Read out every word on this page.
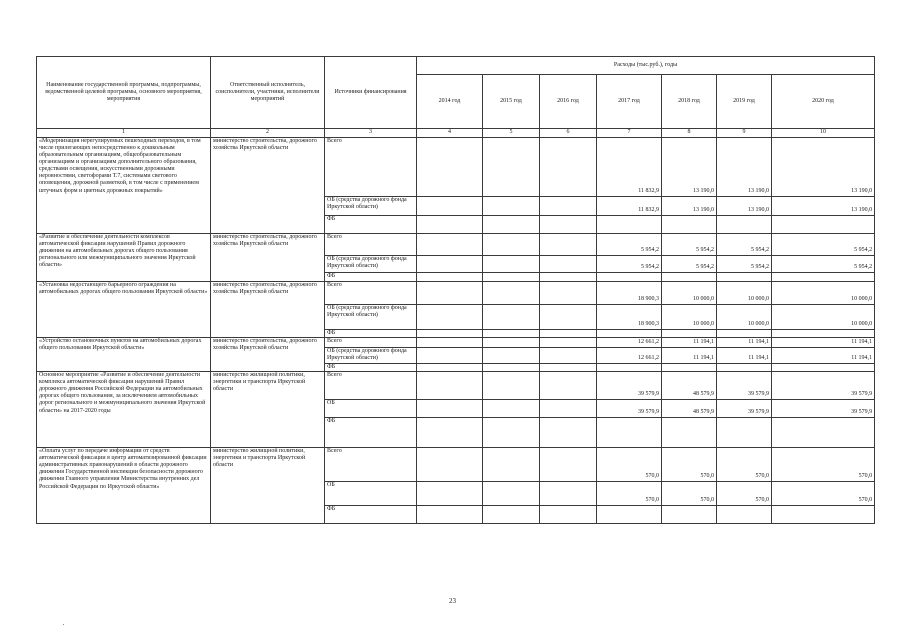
Наименование государственной программы, подпрограммы, ведомственной целевой программы, основного мероприятия, мероприятия	Ответственный исполнитель, соисполнители, участники, исполнители мероприятий	Источники финансирования	Расходы (тыс.руб.), годы						
			2014 год	2015 год	2016 год	2017 год	2018 год	2019 год	2020 год
1	2	3	4	5	6	7	8	9	10
«Модернизация нерегулируемых пешеходных переходов, в том числе прилегающих непосредственно к дошкольным образовательным организациям, общеобразовательным организациям и организациям дополнительного образования, средствами освещения, искусственными дорожными неровностями, светофорами Т.7, системами светового оповещения, дорожной разметкой, в том числе с применением штучных форм и цветных дорожных покрытий»	министерство строительства, дорожного хозяйства Иркутской области	Всего				11 832,9	13 190,0	13 190,0	13 190,0
		ОБ (средства дорожного фонда Иркутской области)				11 832,9	13 190,0	13 190,0	13 190,0
		ФБ							
«Развитие и обеспечение деятельности комплексов автоматической фиксации нарушений Правил дорожного движения на автомобильных дорогах общего пользования регионального или межмуниципального значения Иркутской области»	министерство строительства, дорожного хозяйства Иркутской области	Всего				5 954,2	5 954,2	5 954,2	5 954,2
		ОБ (средства дорожного фонда Иркутской области)				5 954,2	5 954,2	5 954,2	5 954,2
		ФБ							
«Установка недостающего барьерного ограждения на автомобильных дорогах общего пользования Иркутской области»	министерство строительства, дорожного хозяйства Иркутской области	Всего				18 900,3	10 000,0	10 000,0	10 000,0
		ОБ (средства дорожного фонда Иркутской области)				18 900,3	10 000,0	10 000,0	10 000,0
		ФБ							
«Устройство остановочных пунктов на автомобильных дорогах общего пользования Иркутской области»	министерство строительства, дорожного хозяйства Иркутской области	Всего				12 661,2	11 194,1	11 194,1	11 194,1
		ОБ (средства дорожного фонда Иркутской области)				12 661,2	11 194,1	11 194,1	11 194,1
		ФБ							
Основное мероприятие «Развитие и обеспечение деятельности комплекса автоматической фиксации нарушений Правил дорожного движения Российской Федерации на автомобильных дорогах общего пользования, за исключением автомобильных дорог регионального и межмуниципального значения Иркутской области» на 2017-2020 годы	министерство жилищной политики, энергетики и транспорта Иркутской области	Всего				39 579,9	48 579,9	39 579,9	39 579,9
		ОБ				39 579,9	48 579,9	39 579,9	39 579,9
		ФБ							
«Оплата услуг по передаче информации от средств автоматической фиксации в центр автоматизированной фиксации административных правонарушений в области дорожного движения Государственной инспекции безопасности дорожного движения Главного управления Министерства внутренних дел Российской Федерации по Иркутской области»	министерство жилищной политики, энергетики и транспорта Иркутской области	Всего				570,0	570,0	570,0	570,0
		ОБ				570,0	570,0	570,0	570,0
		ФБ							
23
